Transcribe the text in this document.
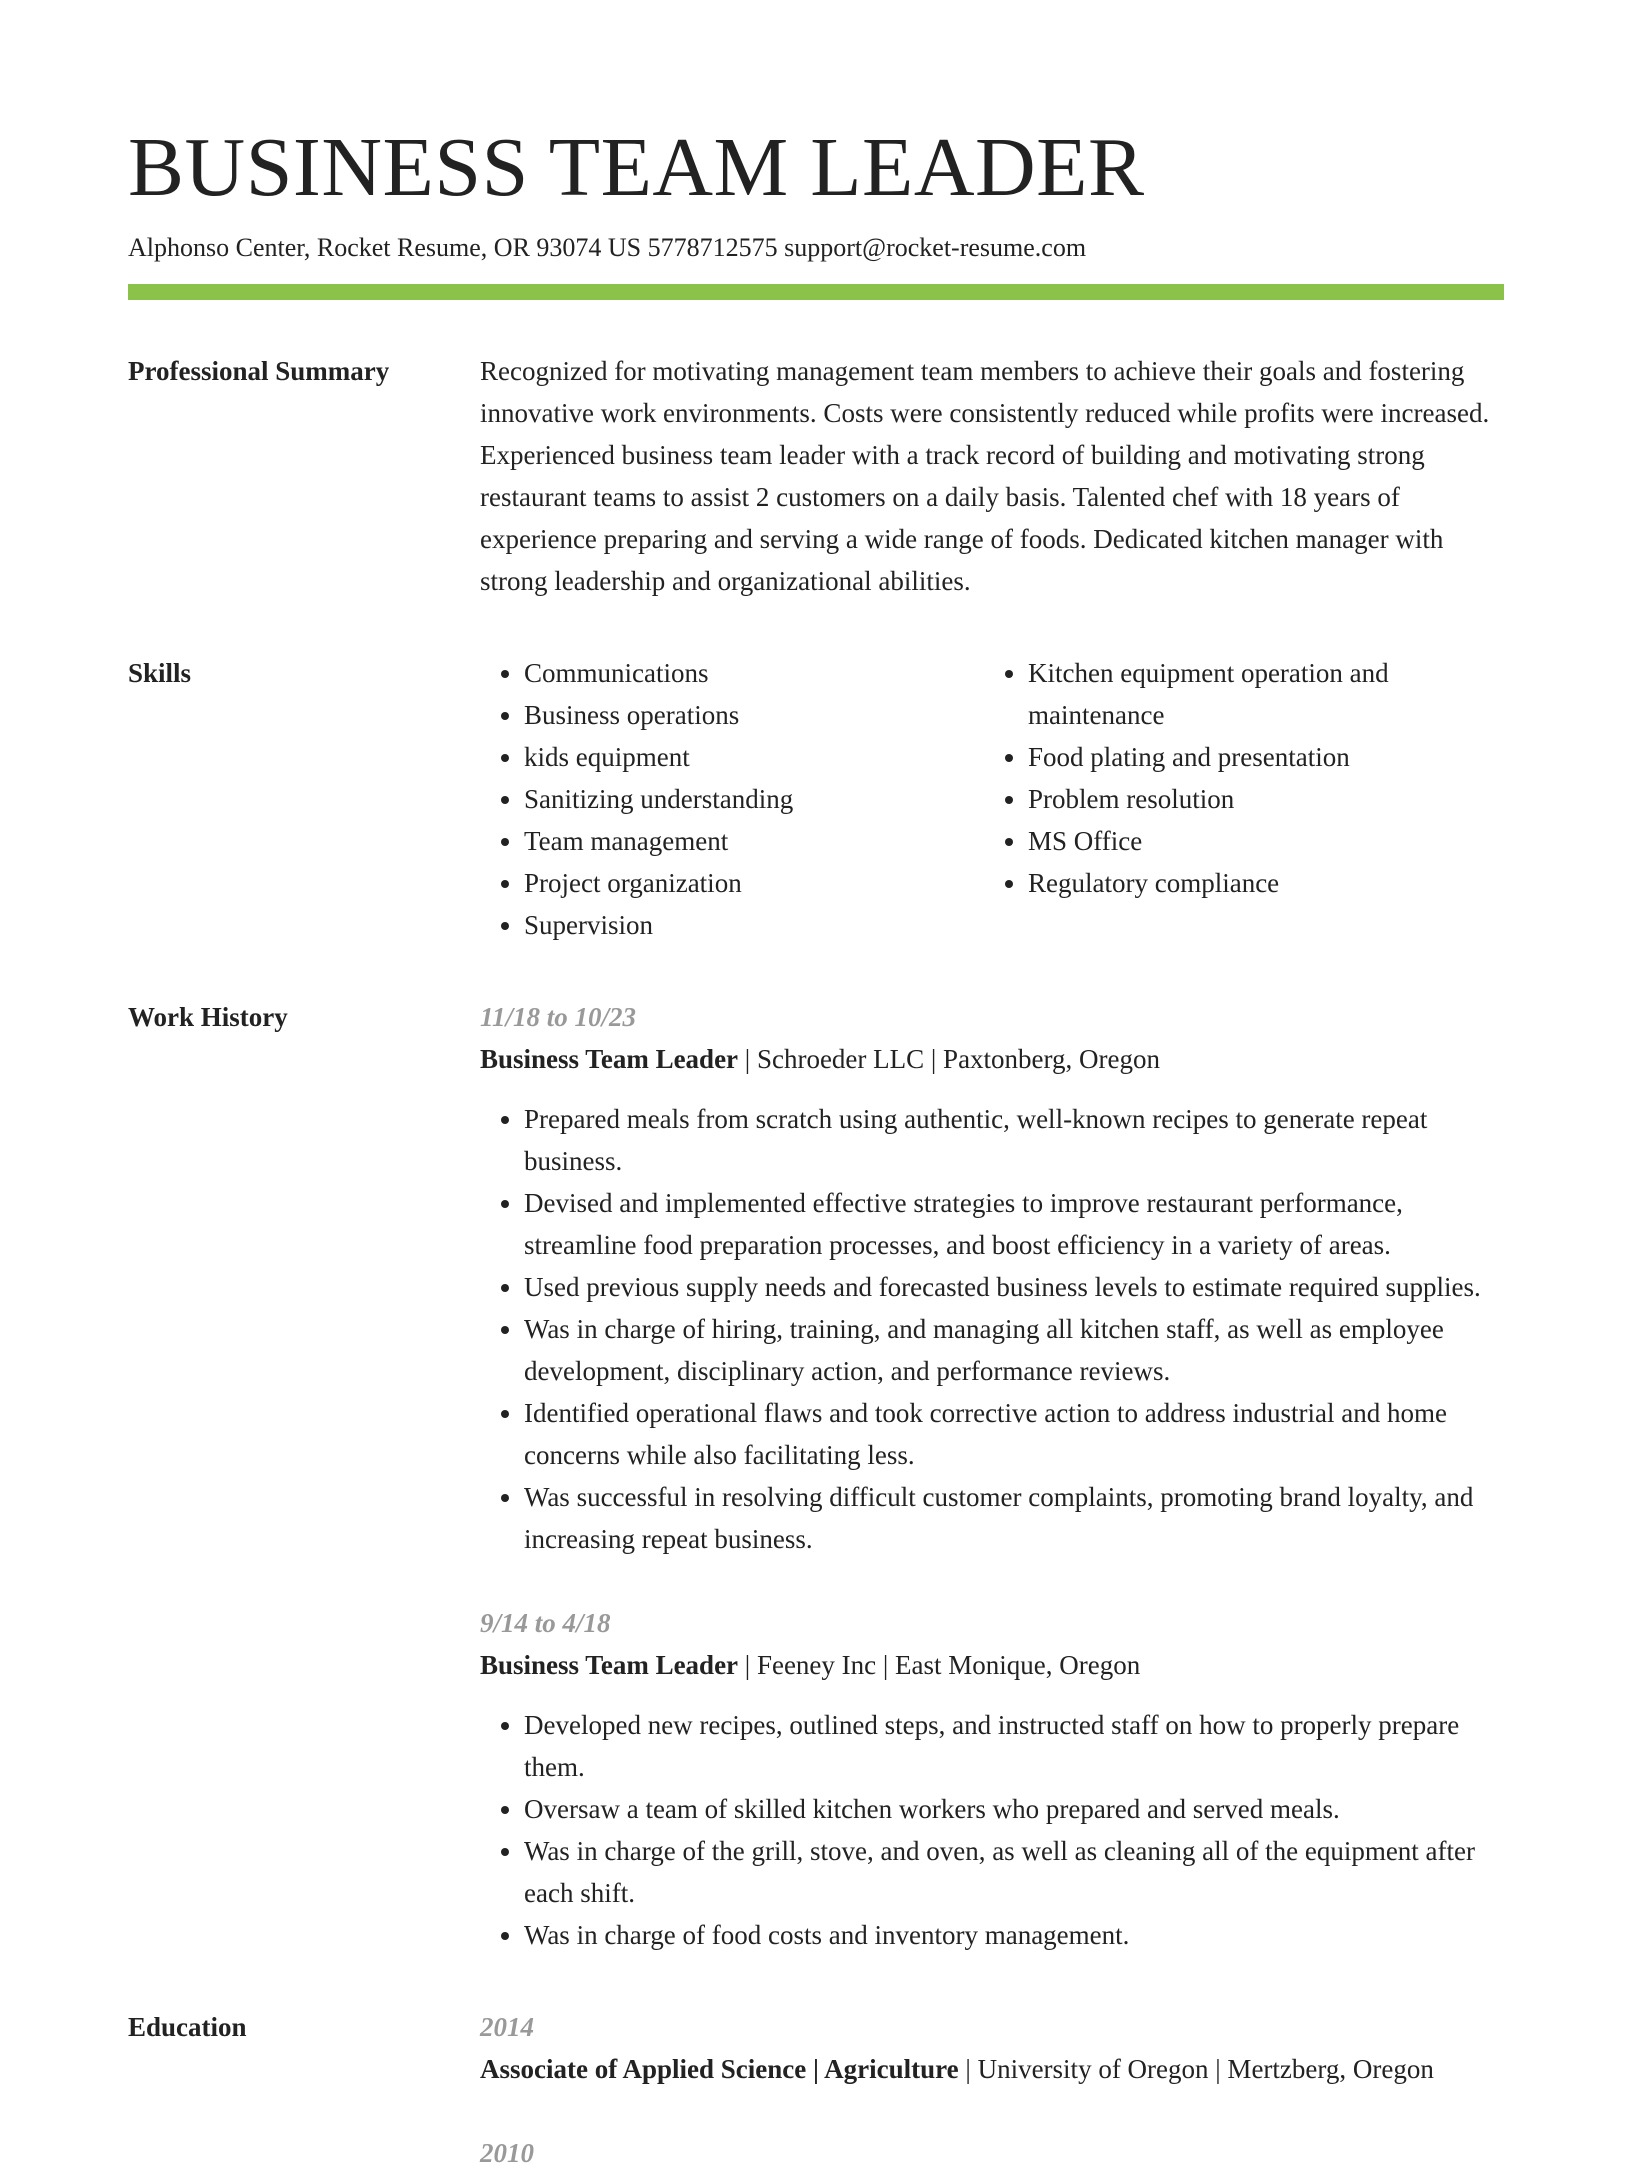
BUSINESS TEAM LEADER
Alphonso Center, Rocket Resume, OR 93074 US 5778712575 support@rocket-resume.com
Professional Summary	Recognized for motivating management team members to achieve their goals and fostering innovative work environments. Costs were consistently reduced while profits were increased. Experienced business team leader with a track record of building and motivating strong restaurant teams to assist 2 customers on a daily basis. Talented chef with 18 years of experience preparing and serving a wide range of foods. Dedicated kitchen manager with strong leadership and organizational abilities.

Skills
•	Communications
• Business operations
• kids equipment
• Sanitizing understanding
• Team management
• Project organization
• Supervision
• Kitchen equipment operation and maintenance
• Food plating and presentation
• Problem resolution
• MS Office
• Regulatory compliance
Work History	11/18 to 10/23
Business Team Leader | Schroeder LLC | Paxtonberg, Oregon
• Prepared meals from scratch using authentic, well-known recipes to generate repeat business.
• Devised and implemented effective strategies to improve restaurant performance, streamline food preparation processes, and boost efficiency in a variety of areas.
• Used previous supply needs and forecasted business levels to estimate required supplies.
• Was in charge of hiring, training, and managing all kitchen staff, as well as employee development, disciplinary action, and performance reviews.
• Identified operational flaws and took corrective action to address industrial and home concerns while also facilitating less.
• Was successful in resolving difficult customer complaints, promoting brand loyalty, and increasing repeat business.
9/14 to 4/18
Business Team Leader | Feeney Inc | East Monique, Oregon
• Developed new recipes, outlined steps, and instructed staff on how to properly prepare them.
• Oversaw a team of skilled kitchen workers who prepared and served meals.
• Was in charge of the grill, stove, and oven, as well as cleaning all of the equipment after each shift.
• Was in charge of food costs and inventory management.
Education	2014
Associate of Applied Science | Agriculture | University of Oregon | Mertzberg, Oregon
2010
